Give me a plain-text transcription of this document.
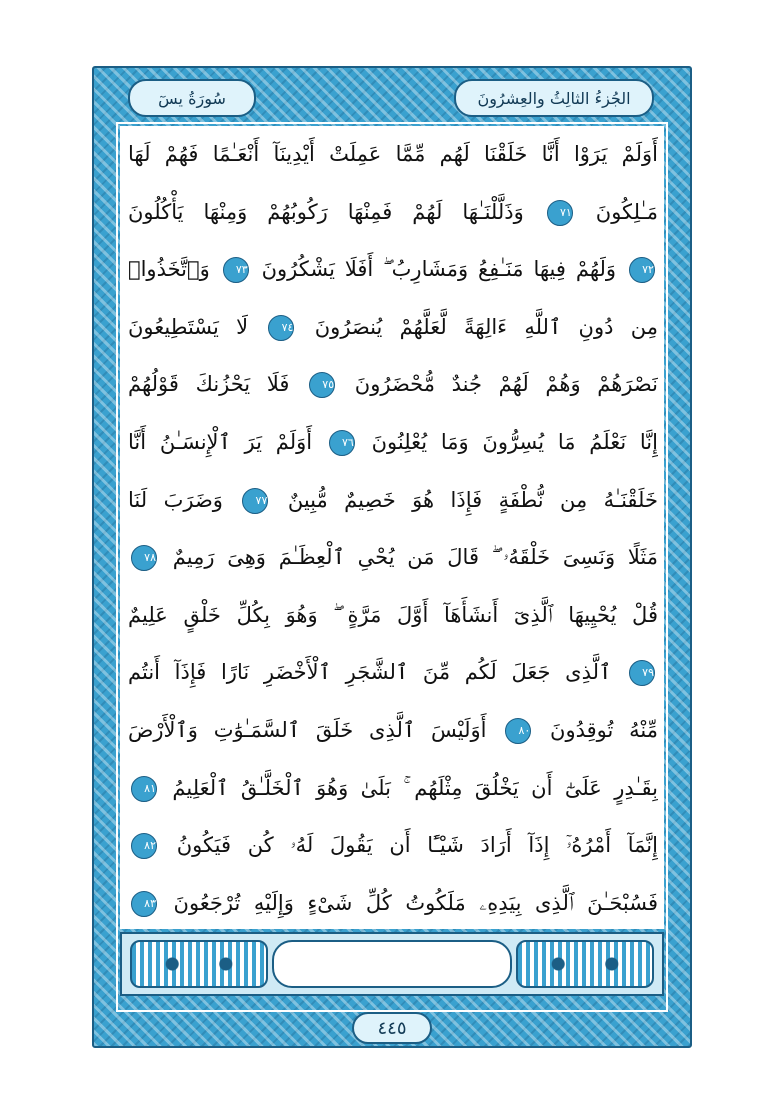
الجُزءُ الثالِثُ والعِشرُونَ
سُورَةُ يسٓ
أَوَلَمْ يَرَوْا أَنَّا خَلَقْنَا لَهُم مِّمَّا عَمِلَتْ أَيْدِينَآ أَنْعَـٰمًا فَهُمْ لَهَا
مَـٰلِكُونَ ٧١ وَذَلَّلْنَـٰهَا لَهُمْ فَمِنْهَا رَكُوبُهُمْ وَمِنْهَا يَأْكُلُونَ
٧٢ وَلَهُمْ فِيهَا مَنَـٰفِعُ وَمَشَارِبُ ۖ أَفَلَا يَشْكُرُونَ ٧٣ وَٱتَّخَذُوا۟
مِن دُونِ ٱللَّهِ ءَالِهَةً لَّعَلَّهُمْ يُنصَرُونَ ٧٤ لَا يَسْتَطِيعُونَ
نَصْرَهُمْ وَهُمْ لَهُمْ جُندٌ مُّحْضَرُونَ ٧٥ فَلَا يَحْزُنكَ قَوْلُهُمْ
إِنَّا نَعْلَمُ مَا يُسِرُّونَ وَمَا يُعْلِنُونَ ٧٦ أَوَلَمْ يَرَ ٱلْإِنسَـٰنُ أَنَّا
خَلَقْنَـٰهُ مِن نُّطْفَةٍ فَإِذَا هُوَ خَصِيمٌ مُّبِينٌ ٧٧ وَضَرَبَ لَنَا
مَثَلًا وَنَسِىَ خَلْقَهُۥ ۖ قَالَ مَن يُحْىِ ٱلْعِظَـٰمَ وَهِىَ رَمِيمٌ ٧٨
قُلْ يُحْيِيهَا ٱلَّذِىٓ أَنشَأَهَآ أَوَّلَ مَرَّةٍ ۖ وَهُوَ بِكُلِّ خَلْقٍ عَلِيمٌ
٧٩ ٱلَّذِى جَعَلَ لَكُم مِّنَ ٱلشَّجَرِ ٱلْأَخْضَرِ نَارًا فَإِذَآ أَنتُم
مِّنْهُ تُوقِدُونَ ٨٠ أَوَلَيْسَ ٱلَّذِى خَلَقَ ٱلسَّمَـٰوَٰتِ وَٱلْأَرْضَ
بِقَـٰدِرٍ عَلَىٰٓ أَن يَخْلُقَ مِثْلَهُم ۚ بَلَىٰ وَهُوَ ٱلْخَلَّـٰقُ ٱلْعَلِيمُ ٨١
إِنَّمَآ أَمْرُهُۥٓ إِذَآ أَرَادَ شَيْـًٔا أَن يَقُولَ لَهُۥ كُن فَيَكُونُ ٨٢
فَسُبْحَـٰنَ ٱلَّذِى بِيَدِهِۦ مَلَكُوتُ كُلِّ شَىْءٍ وَإِلَيْهِ تُرْجَعُونَ ٨٣
٤٤٥
